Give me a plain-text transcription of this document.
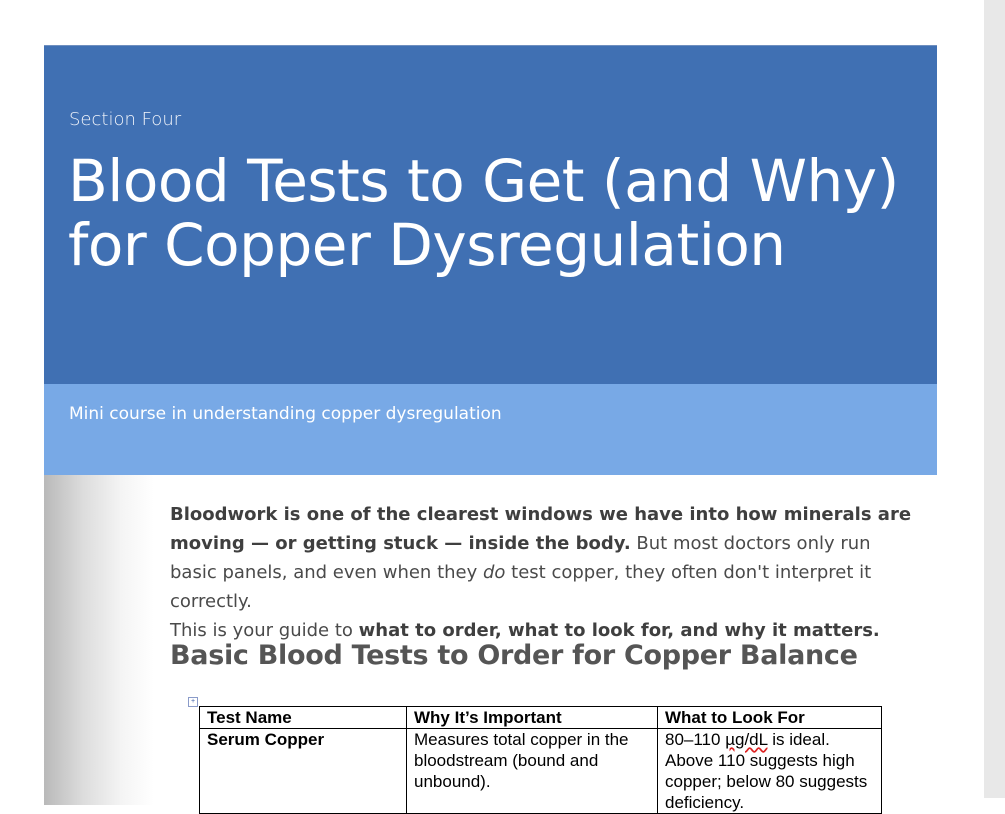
Section Four
Blood Tests to Get (and Why) for Copper Dysregulation
Mini course in understanding copper dysregulation

Bloodwork is one of the clearest windows we have into how minerals are moving — or getting stuck — inside the body. But most doctors only run basic panels, and even when they do test copper, they often don't interpret it correctly.

This is your guide to what to order, what to look for, and why it matters.

Basic Blood Tests to Order for Copper Balance
+
Test Name	Why It’s Important	What to Look For
Serum Copper	Measures total copper in the bloodstream (bound and unbound).	80–110 µg/dL is ideal. Above 110 suggests high copper; below 80 suggests deficiency.
